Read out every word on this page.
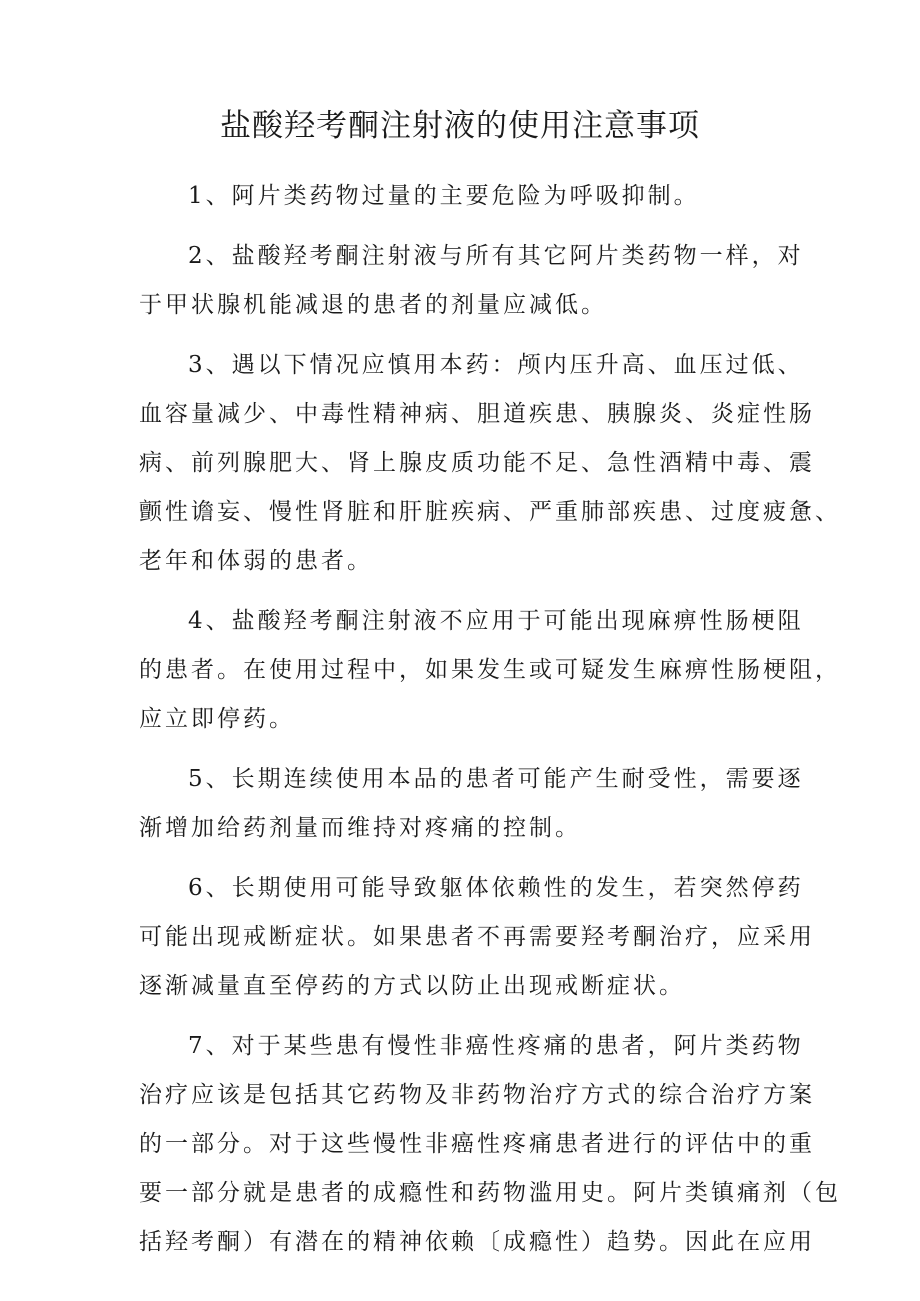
盐酸羟考酮注射液的使用注意事项
1、阿片类药物过量的主要危险为呼吸抑制。
2、盐酸羟考酮注射液与所有其它阿片类药物一样，对
于甲状腺机能减退的患者的剂量应减低。
3、遇以下情况应慎用本药：颅内压升高、血压过低、
血容量减少、中毒性精神病、胆道疾患、胰腺炎、炎症性肠
病、前列腺肥大、肾上腺皮质功能不足、急性酒精中毒、震
颤性谵妄、慢性肾脏和肝脏疾病、严重肺部疾患、过度疲惫、
老年和体弱的患者。
4、盐酸羟考酮注射液不应用于可能出现麻痹性肠梗阻
的患者。在使用过程中，如果发生或可疑发生麻痹性肠梗阻，
应立即停药。
5、长期连续使用本品的患者可能产生耐受性，需要逐
渐增加给药剂量而维持对疼痛的控制。
6、长期使用可能导致躯体依赖性的发生，若突然停药
可能出现戒断症状。如果患者不再需要羟考酮治疗，应采用
逐渐减量直至停药的方式以防止出现戒断症状。
7、对于某些患有慢性非癌性疼痛的患者，阿片类药物
治疗应该是包括其它药物及非药物治疗方式的综合治疗方案
的一部分。对于这些慢性非癌性疼痛患者进行的评估中的重
要一部分就是患者的成瘾性和药物滥用史。阿片类镇痛剂（包
括羟考酮）有潜在的精神依赖〔成瘾性）趋势。因此在应用
